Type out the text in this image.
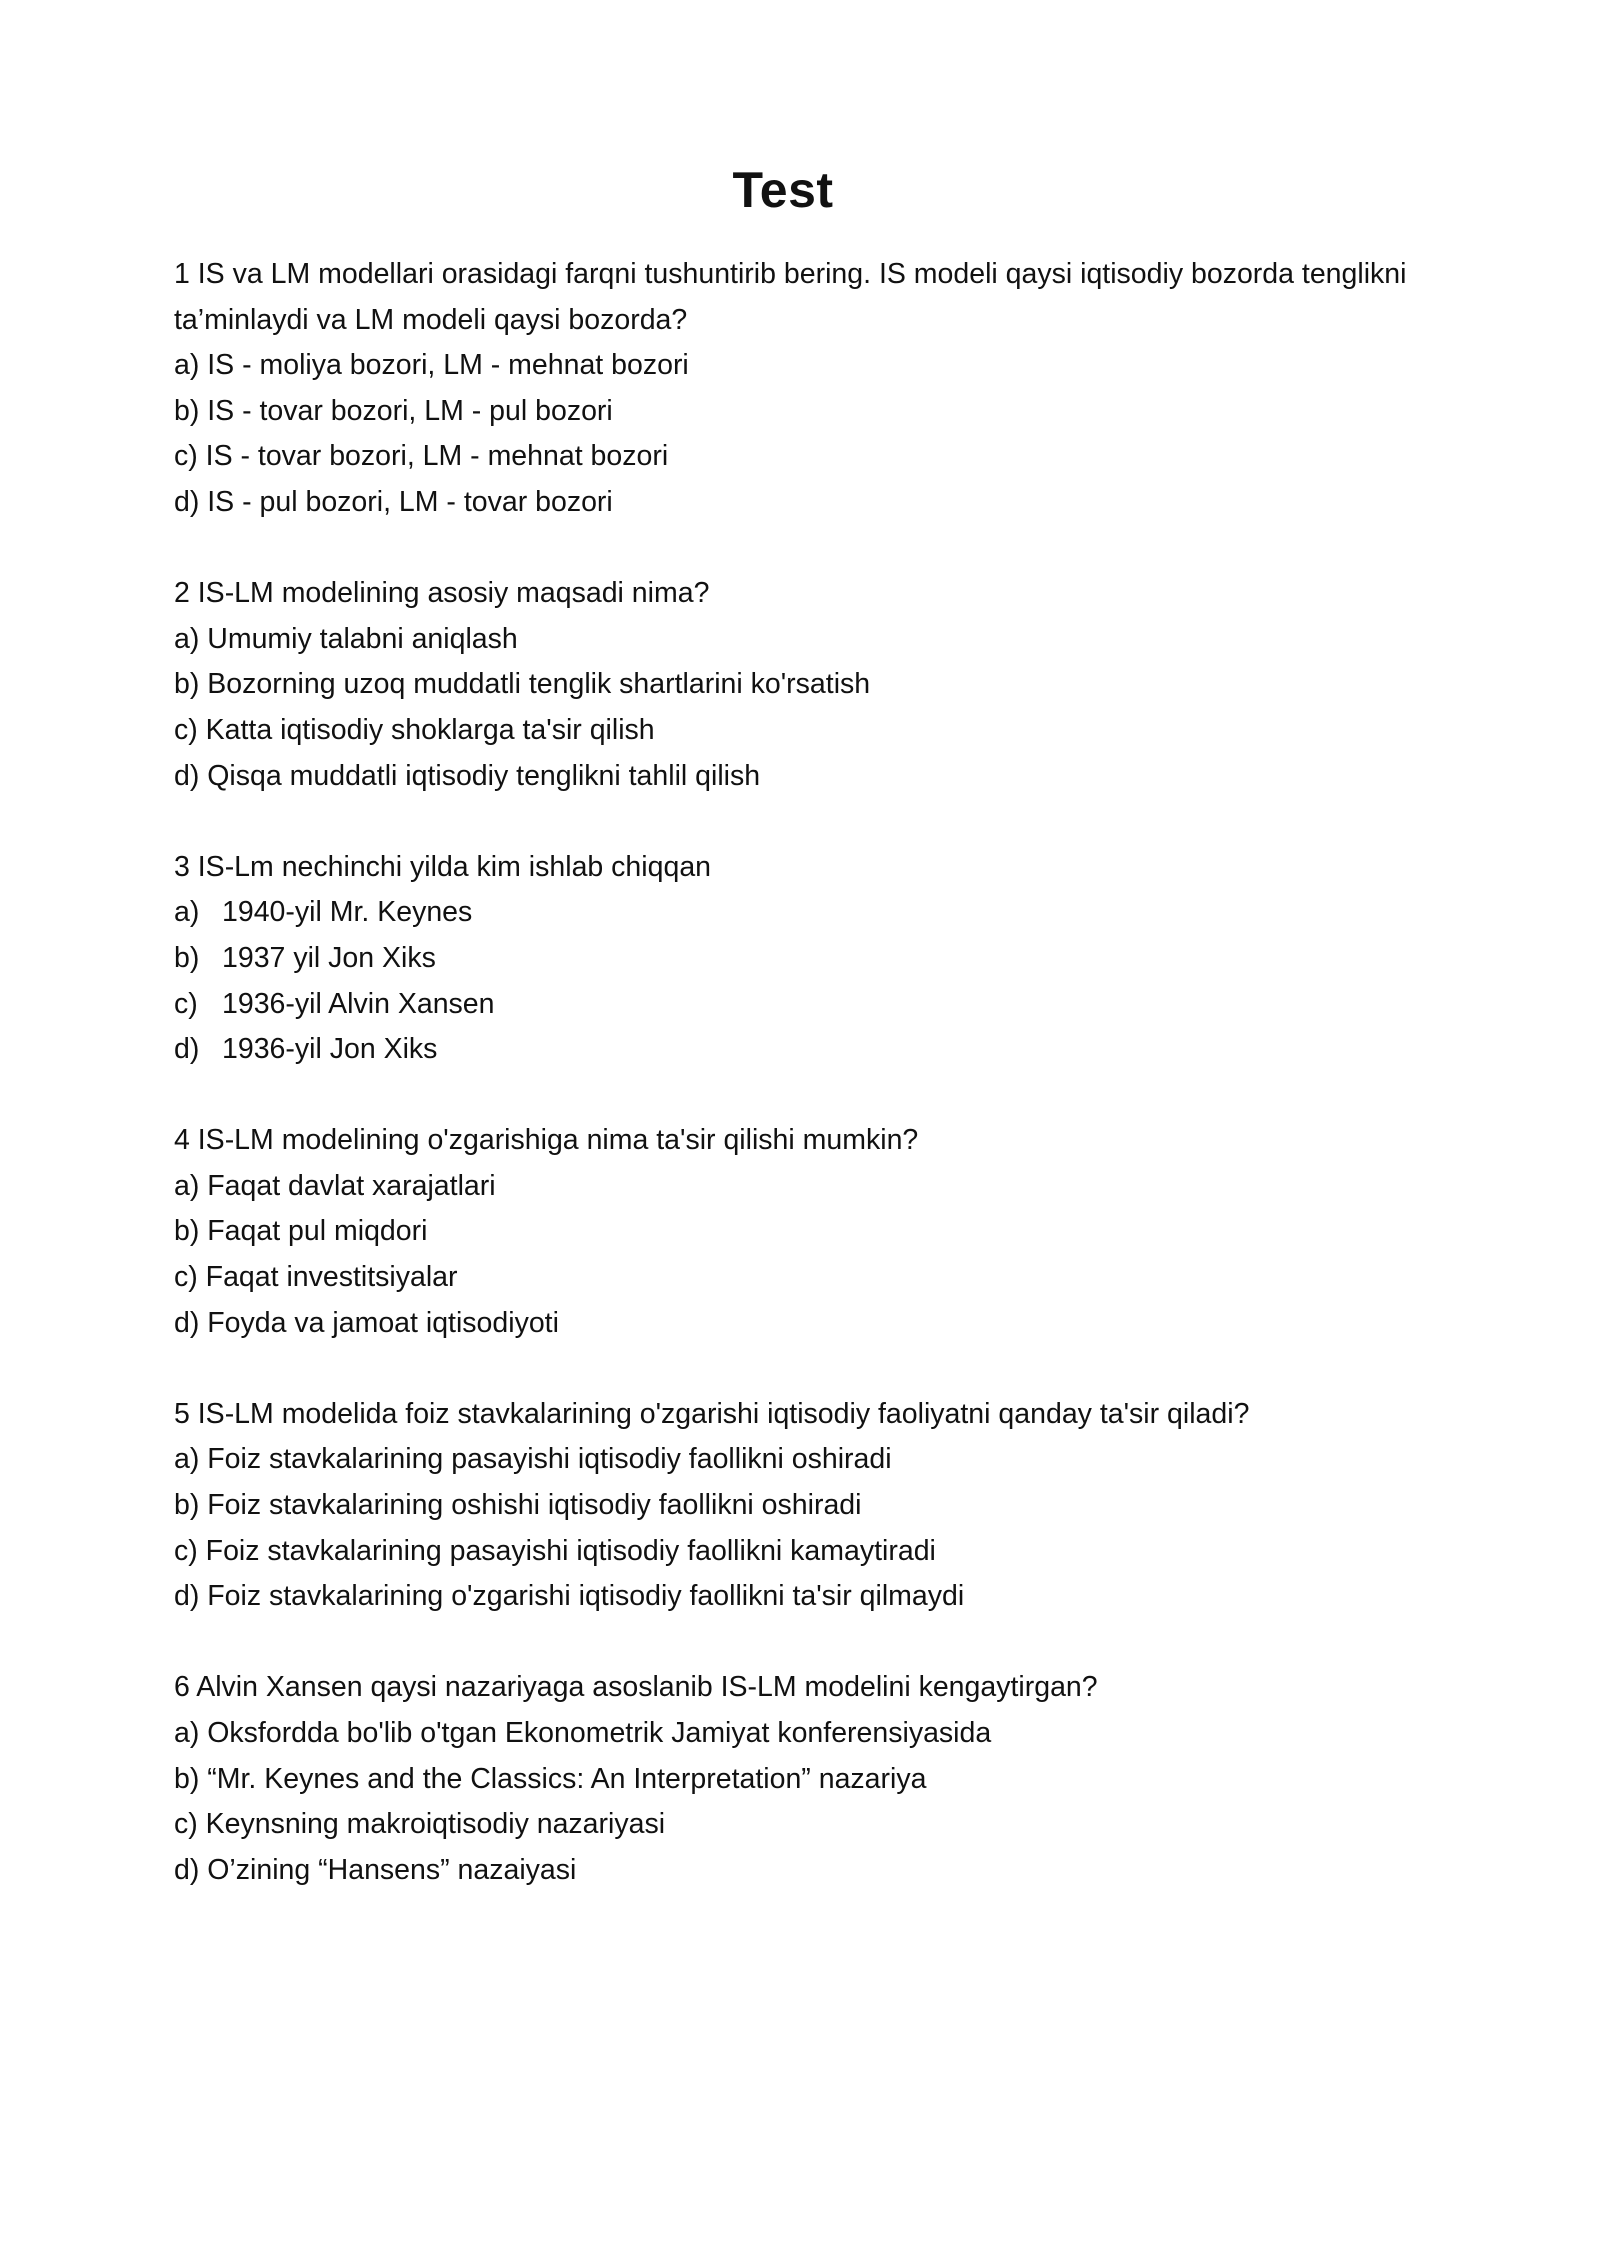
Test

1 IS va LM modellari orasidagi farqni tushuntirib bering. IS modeli qaysi iqtisodiy bozorda tenglikni ta’minlaydi va LM modeli qaysi bozorda?

a) IS - moliya bozori, LM - mehnat bozori

b) IS - tovar bozori, LM - pul bozori

c) IS - tovar bozori, LM - mehnat bozori

d) IS - pul bozori, LM - tovar bozori

2 IS-LM modelining asosiy maqsadi nima?

a) Umumiy talabni aniqlash

b) Bozorning uzoq muddatli tenglik shartlarini ko'rsatish

c) Katta iqtisodiy shoklarga ta'sir qilish

d) Qisqa muddatli iqtisodiy tenglikni tahlil qilish

3 IS-Lm nechinchi yilda kim ishlab chiqqan

a) 1940-yil Mr. Keynes

b) 1937 yil Jon Xiks

c) 1936-yil Alvin Xansen

d) 1936-yil Jon Xiks

4 IS-LM modelining o'zgarishiga nima ta'sir qilishi mumkin?

a) Faqat davlat xarajatlari

b) Faqat pul miqdori

c) Faqat investitsiyalar

d) Foyda va jamoat iqtisodiyoti

5 IS-LM modelida foiz stavkalarining o'zgarishi iqtisodiy faoliyatni qanday ta'sir qiladi?

a) Foiz stavkalarining pasayishi iqtisodiy faollikni oshiradi

b) Foiz stavkalarining oshishi iqtisodiy faollikni oshiradi

c) Foiz stavkalarining pasayishi iqtisodiy faollikni kamaytiradi

d) Foiz stavkalarining o'zgarishi iqtisodiy faollikni ta'sir qilmaydi

6 Alvin Xansen qaysi nazariyaga asoslanib IS-LM modelini kengaytirgan?

a) Oksfordda bo'lib o'tgan Ekonometrik Jamiyat konferensiyasida

b) “Mr. Keynes and the Classics: An Interpretation” nazariya

c) Keynsning makroiqtisodiy nazariyasi

d) O’zining “Hansens” nazaiyasi
